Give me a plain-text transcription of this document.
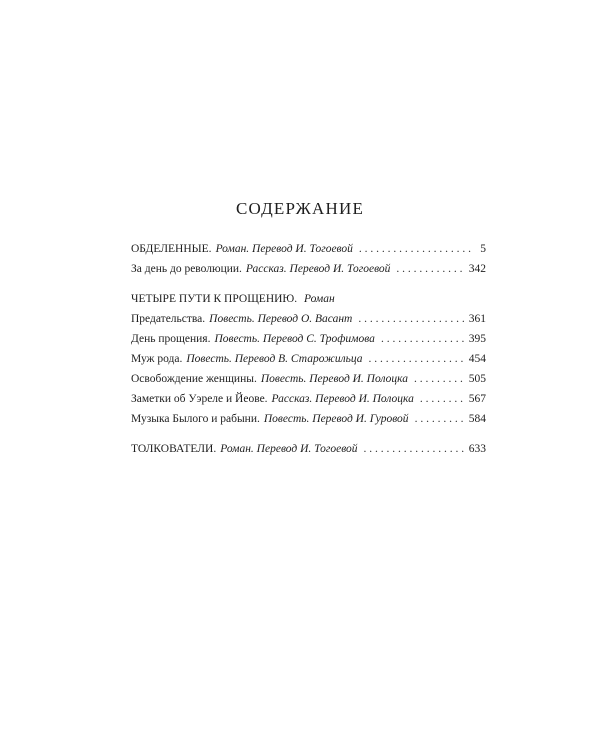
СОДЕРЖАНИЕ
ОБДЕЛЕННЫЕ. Роман. Перевод И. Тогоевой . . .	5
За день до революции. Рассказ. Перевод И. Тогоевой . . .	342
ЧЕТЫРЕ ПУТИ К ПРОЩЕНИЮ. Роман
Предательства. Повесть. Перевод О. Васант . . .	361
День прощения. Повесть. Перевод С. Трофимова . . .	395
Муж рода. Повесть. Перевод В. Старожильца . . .	454
Освобождение женщины. Повесть. Перевод И. Полоцка . . .	505
Заметки об Уэреле и Йеове. Рассказ. Перевод И. Полоцка . . .	567
Музыка Былого и рабыни. Повесть. Перевод И. Гуровой . . .	584
ТОЛКОВАТЕЛИ. Роман. Перевод И. Тогоевой . . .	633
